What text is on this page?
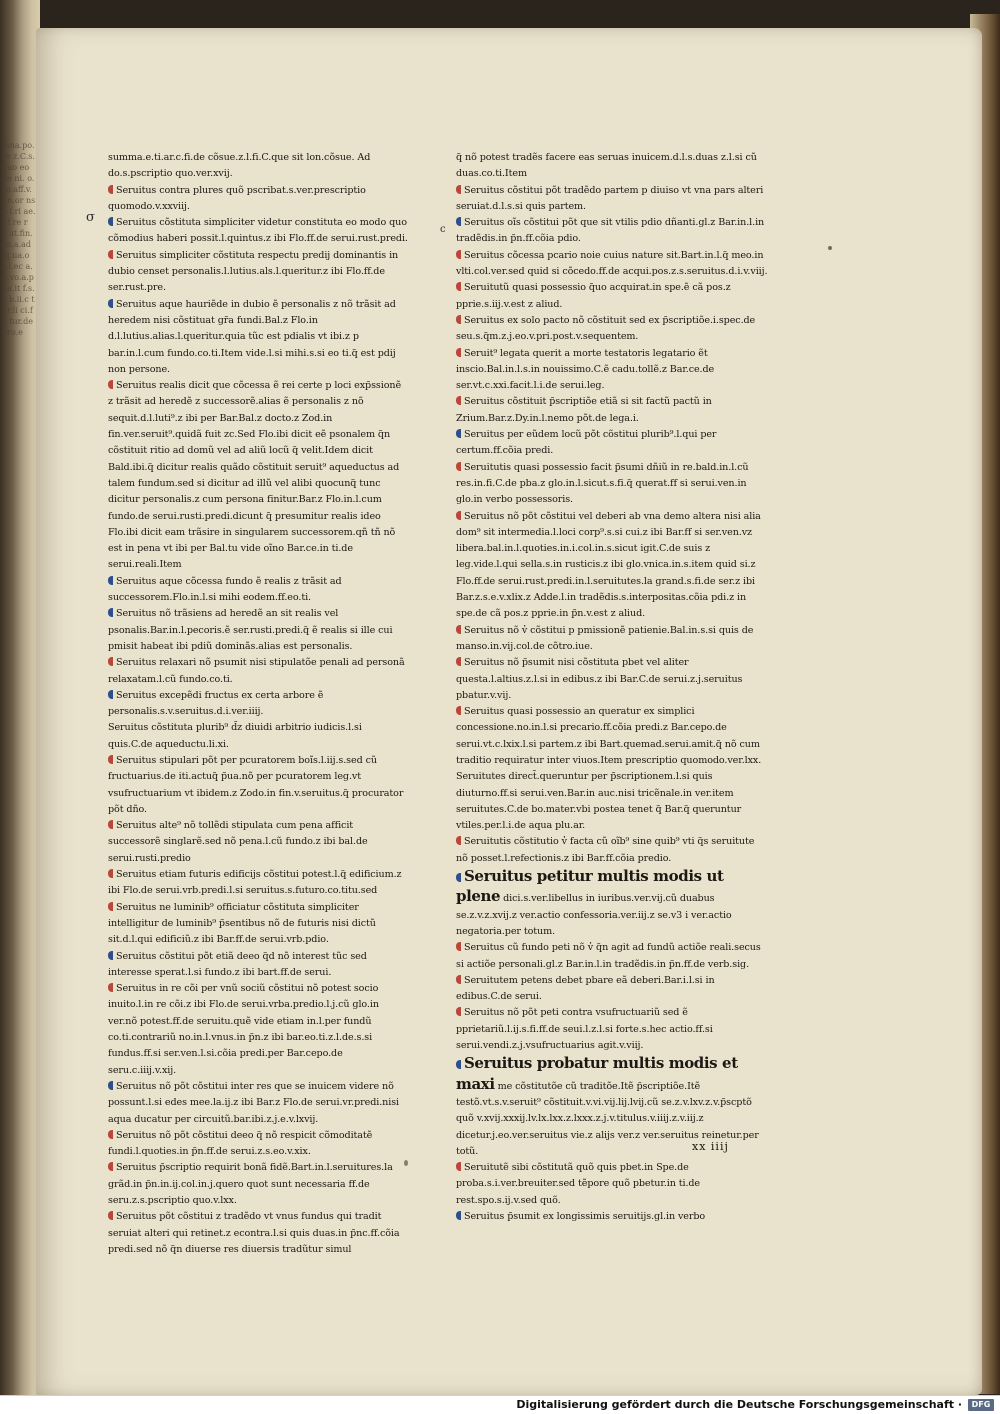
inna.po.re z.C.s.quo eo de ni. o.re.aff.v.nn.or ns o f.ri ae.r.f.re r z.ut.fin.ca.a.ad .q.ua.os.l.ec a.n.vo.a.p ua.it f.s.c b.ii.c tur.li ci.fa tur.de pro.e
σ
c

summa.e.ti.ar.c.fi.de cõsue.z.l.fi.C.que sit lon.cõsue. Ad do.s.pscriptio quo.ver.xvij.

Seruitus contra plures quõ pscribat.s.ver.prescriptio quomodo.v.xxviij.

Seruitus cõstituta simpliciter videtur constituta eo modo quo cõmodius haberi possit.l.quintus.z ibi Flo.ff.de serui.rust.predi.

Seruitus simpliciter cõstituta respectu predij dominantis in dubio censet personalis.l.lutius.als.l.queritur.z ibi Flo.ff.de ser.rust.pre.

Seruitus aque hauriẽde in dubio ẽ personalis z nõ trãsit ad heredem nisi cõstituat gr̃a fundi.Bal.z Flo.in d.l.lutius.alias.l.queritur.quia tũc est pdialis vt ibi.z p bar.in.l.cum fundo.co.ti.Item vide.l.si mihi.s.si eo ti.q̃ est pdij non persone.

Seruitus realis dicit que cõcessa ẽ rei certe p loci exp̃ssionẽ z trãsit ad heredẽ z successorẽ.alias ẽ personalis z nõ sequit.d.l.luti⁹.z ibi per Bar.Bal.z docto.z Zod.in fin.ver.seruit⁹.quidã fuit zc.Sed Flo.ibi dicit eẽ psonalem q̃n cõstituit ritio ad domũ vel ad aliũ locũ q̃ velit.Idem dicit Bald.ibi.q̃ dicitur realis quãdo cõstituit seruit⁹ aqueductus ad talem fundum.sed si dicitur ad illũ vel alibi quocunq̃ tunc dicitur personalis.z cum persona finitur.Bar.z Flo.in.l.cum fundo.de serui.rusti.predi.dicunt q̃ presumitur realis ideo Flo.ibi dicit eam trãsire in singularem successorem.qñ tñ nõ est in pena vt ibi per Bal.tu vide oĩno Bar.ce.in ti.de serui.reali.Item

Seruitus aque cõcessa fundo ẽ realis z trãsit ad successorem.Flo.in.l.si mihi eodem.ff.eo.ti.

Seruitus nõ trãsiens ad heredẽ an sit realis vel psonalis.Bar.in.l.pecoris.ẽ ser.rusti.predi.q̃ ẽ realis si ille cui pmisit habeat ibi pdiũ dominãs.alias est personalis.

Seruitus relaxari nõ psumit nisi stipulatõe penali ad personã relaxatam.l.cũ fundo.co.ti.

Seruitus excepẽdi fructus ex certa arbore ẽ personalis.s.v.seruitus.d.i.ver.iiij.

Seruitus cõstituta plurib⁹ d̃z diuidi arbitrio iudicis.l.si quis.C.de aqueductu.li.xi.

Seruitus stipulari põt per pcuratorem boĩs.l.iij.s.sed cũ fructuarius.de iti.actuq̃ p̃ua.nõ per pcuratorem leg.vt vsufructuarium vt ibidem.z Zodo.in fin.v.seruitus.q̃ procurator põt dño.

Seruitus alte⁹ nõ tollẽdi stipulata cum pena afficit successorẽ singlarẽ.sed nõ pena.l.cũ fundo.z ibi bal.de serui.rusti.predio

Seruitus etiam futuris edificijs cõstitui potest.l.q̃ edificium.z ibi Flo.de serui.vrb.predi.l.si seruitus.s.futuro.co.titu.sed

Seruitus ne luminib⁹ officiatur cõstituta simpliciter intelligitur de luminib⁹ p̃sentibus nõ de futuris nisi dictũ sit.d.l.qui edificiũ.z ibi Bar.ff.de serui.vrb.pdio.

Seruitus cõstitui põt etiã deeo q̃d nõ interest tũc sed interesse sperat.l.si fundo.z ibi bart.ff.de serui.

Seruitus in re cõi per vnũ sociũ cõstitui nõ potest socio inuito.l.in re cõi.z ibi Flo.de serui.vrba.predio.l.j.cũ glo.in ver.nõ potest.ff.de seruitu.quẽ vide etiam in.l.per fundũ co.ti.contrariũ no.in.l.vnus.in p̃n.z ibi bar.eo.ti.z.l.de.s.si fundus.ff.si ser.ven.l.si.cõia predi.per Bar.cepo.de seru.c.iiij.v.xij.

Seruitus nõ põt cõstitui inter res que se inuicem videre nõ possunt.l.si edes mee.la.ij.z ibi Bar.z Flo.de serui.vr.predi.nisi aqua ducatur per circuitũ.bar.ibi.z.j.e.v.lxvij.

Seruitus nõ põt cõstitui deeo q̃ nõ respicit cõmoditatẽ fundi.l.quoties.in p̃n.ff.de serui.z.s.eo.v.xix.

Seruitus p̃scriptio requirit bonã fidẽ.Bart.in.l.seruitures.la grãd.in p̃n.in.ij.col.in.j.quero quot sunt necessaria ff.de seru.z.s.pscriptio quo.v.lxx.

Seruitus põt cõstitui z tradẽdo vt vnus fundus qui tradit seruiat alteri qui retinet.z econtra.l.si quis duas.in p̃nc.ff.cõia predi.sed nõ q̃n diuerse res diuersis tradũtur simul

q̃ nõ potest tradẽs facere eas seruas inuicem.d.l.s.duas z.l.si cũ duas.co.ti.Item

Seruitus cõstitui põt tradẽdo partem p diuiso vt vna pars alteri seruiat.d.l.s.si quis partem.

Seruitus oĩs cõstitui põt que sit vtilis pdio dñanti.gl.z Bar.in.l.in tradẽdis.in p̃n.ff.cõia pdio.

Seruitus cõcessa pcario noie cuius nature sit.Bart.in.l.q̃ meo.in vlti.col.ver.sed quid si cõcedo.ff.de acqui.pos.z.s.seruitus.d.i.v.viij.

Seruitutũ quasi possessio q̃uo acquirat.in spe.ẽ cã pos.z pprie.s.iij.v.est z aliud.

Seruitus ex solo pacto nõ cõstituit sed ex p̃scriptiõe.i.spec.de seu.s.q̃m.z.j.eo.v.pri.post.v.sequentem.

Seruit⁹ legata querit a morte testatoris legatario ẽt inscio.Bal.in.l.s.in nouissimo.C.ẽ cadu.tollẽ.z Bar.ce.de ser.vt.c.xxi.facit.l.i.de serui.leg.

Seruitus cõstituit p̃scriptiõe etiã si sit factũ pactũ in Zrium.Bar.z.Dy.in.l.nemo põt.de lega.i.

Seruitus per eũdem locũ põt cõstitui plurib⁹.l.qui per certum.ff.cõia predi.

Seruitutis quasi possessio facit p̃sumi dñiũ in re.bald.in.l.cũ res.in.fi.C.de pba.z glo.in.l.sicut.s.fi.q̃ querat.ff si serui.ven.in glo.in verbo possessoris.

Seruitus nõ põt cõstitui vel deberi ab vna demo altera nisi alia dom⁹ sit intermedia.l.loci corp⁹.s.si cui.z ibi Bar.ff si ser.ven.vz libera.bal.in.l.quoties.in.i.col.in.s.sicut igit.C.de suis z leg.vide.l.qui sella.s.in rusticis.z ibi glo.vnica.in.s.item quid si.z Flo.ff.de serui.rust.predi.in.l.seruitutes.la grand.s.fi.de ser.z ibi Bar.z.s.e.v.xlix.z Adde.l.in tradẽdis.s.interpositas.cõia pdi.z in spe.de cã pos.z pprie.in p̃n.v.est z aliud.

Seruitus nõ v̓ cõstitui p pmissionẽ patienie.Bal.in.s.si quis de manso.in.vij.col.de cõtro.iue.

Seruitus nõ p̃sumit nisi cõstituta pbet vel aliter questa.l.altius.z.l.si in edibus.z ibi Bar.C.de serui.z.j.seruitus pbatur.v.vij.

Seruitus quasi possessio an queratur ex simplici concessione.no.in.l.si precario.ff.cõia predi.z Bar.cepo.de serui.vt.c.lxix.l.si partem.z ibi Bart.quemad.serui.amit.q̃ nõ cum traditio requiratur inter viuos.Item prescriptio quomodo.ver.lxx.

Seruitutes direct̃.queruntur per p̃scriptionem.l.si quis diuturno.ff.si serui.ven.Bar.in auc.nisi tricẽnale.in ver.item seruitutes.C.de bo.mater.vbi postea tenet q̃ Bar.q̃ queruntur vtiles.per.l.i.de aqua plu.ar.

Seruitutis cõstitutio v̓ facta cũ oĩb⁹ sine quib⁹ vti q̃s seruitute nõ posset.l.refectionis.z ibi Bar.ff.cõia predio.

Seruitus petitur multis modis ut plene dici.s.ver.libellus in iuribus.ver.vij.cũ duabus se.z.v.z.xvij.z ver.actio confessoria.ver.iij.z se.v3 i ver.actio negatoria.per totum.

Seruitus cũ fundo peti nõ v̓ q̃n agit ad fundũ actiõe reali.secus si actiõe personali.gl.z Bar.in.l.in tradẽdis.in p̃n.ff.de verb.sig.

Seruitutem petens debet pbare eã deberi.Bar.i.l.si in edibus.C.de serui.

Seruitus nõ põt peti contra vsufructuariũ sed ẽ pprietariũ.l.ij.s.fi.ff.de seui.l.z.l.si forte.s.hec actio.ff.si serui.vendi.z.j.vsufructuarius agit.v.viij.

Seruitus probatur multis modis et maxi me cõstitutõe cũ traditõe.Itẽ p̃scriptiõe.Itẽ testõ.vt.s.v.seruit⁹ cõstituit.v.vi.vij.lij.lvij.cũ se.z.v.lxv.z.v.p̃scptõ quõ v.xvij.xxxij.lv.lx.lxx.z.lxxx.z.j.v.titulus.v.iiij.z.v.iij.z dicetur.j.eo.ver.seruitus vie.z alijs ver.z ver.seruitus reinetur.per totũ.

Seruitutẽ sibi cõstitutã quõ quis pbet.in Spe.de proba.s.i.ver.breuiter.sed tẽpore quõ pbetur.in ti.de rest.spo.s.ij.v.sed quõ.

Seruitus p̃sumit ex longissimis seruitijs.gl.in verbo

xx iiij
Digitalisierung gefördert durch die Deutsche Forschungsgemeinschaft ·	DFG
